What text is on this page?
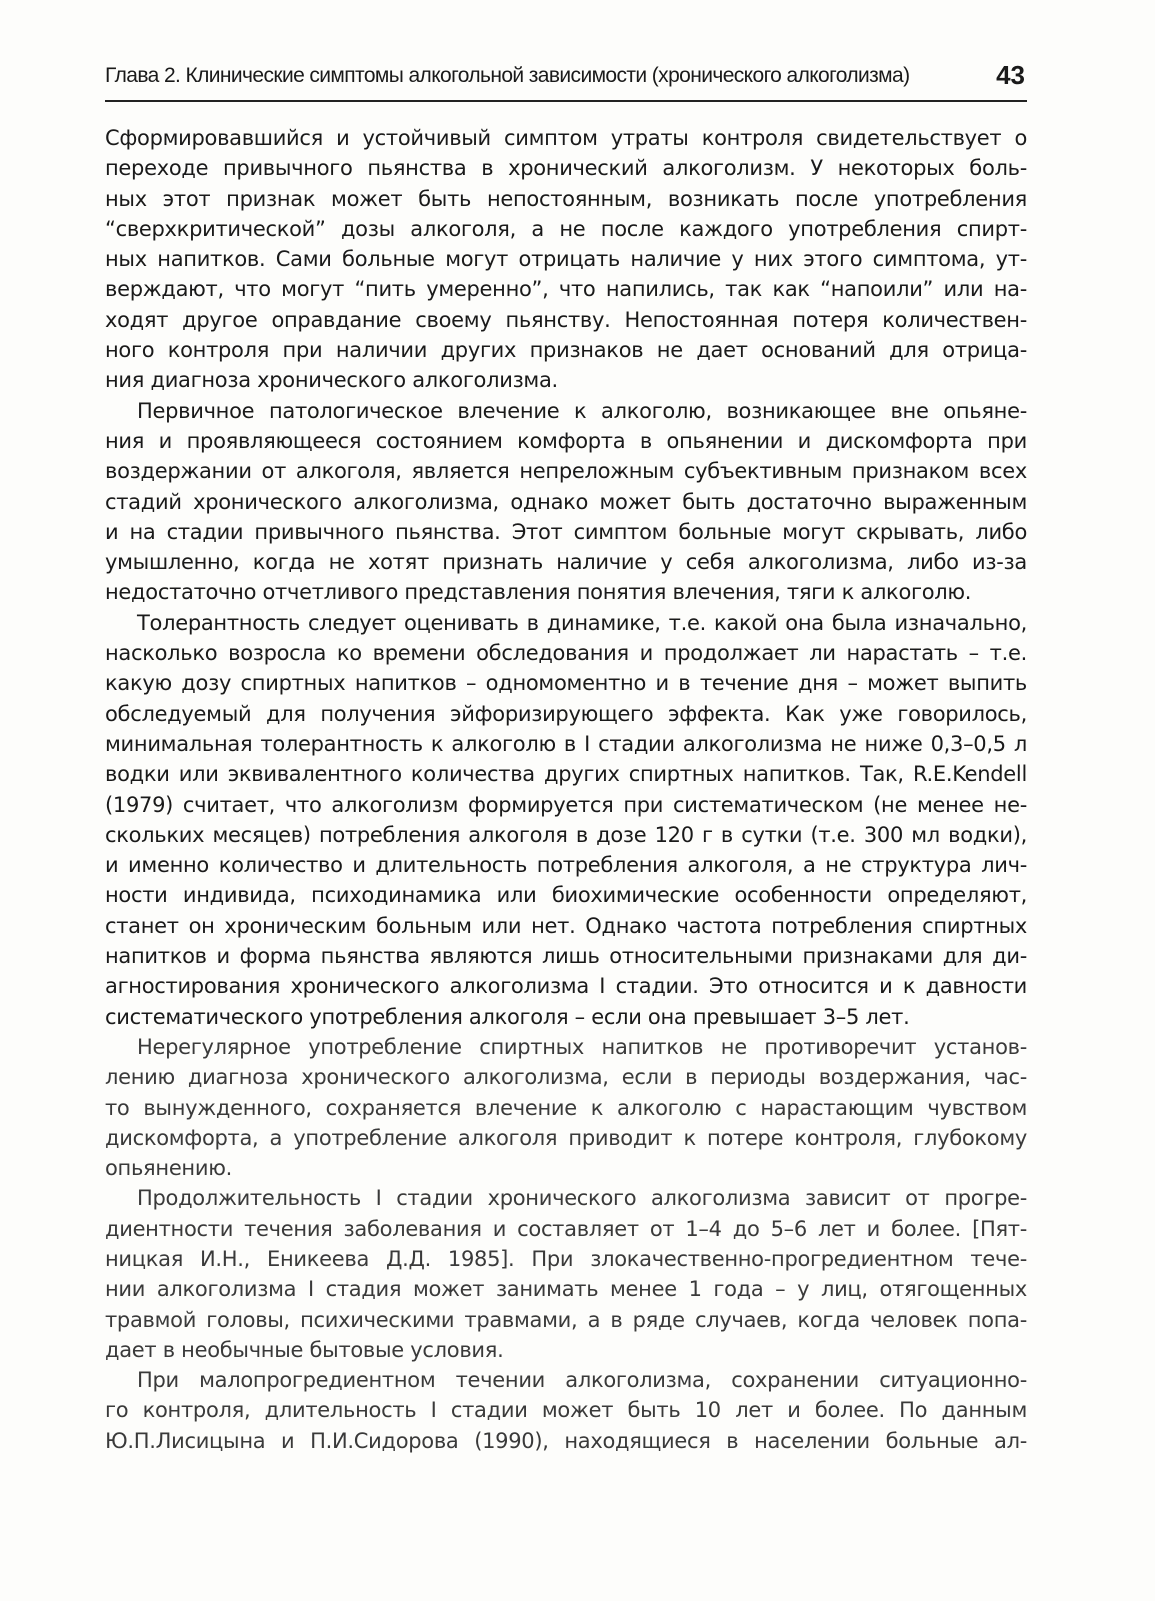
Глава 2. Клинические симптомы алкогольной зависимости (хронического алкоголизма)	43
Сформировавшийся и устойчивый симптом утраты контроля свидетельствует о
переходе привычного пьянства в хронический алкоголизм. У некоторых боль-
ных этот признак может быть непостоянным, возникать после употребления
“сверхкритической” дозы алкоголя, а не после каждого употребления спирт-
ных напитков. Сами больные могут отрицать наличие у них этого симптома, ут-
верждают, что могут “пить умеренно”, что напились, так как “напоили” или на-
ходят другое оправдание своему пьянству. Непостоянная потеря количествен-
ного контроля при наличии других признаков не дает оснований для отрица-
ния диагноза хронического алкоголизма.
Первичное патологическое влечение к алкоголю, возникающее вне опьяне-
ния и проявляющееся состоянием комфорта в опьянении и дискомфорта при
воздержании от алкоголя, является непреложным субъективным признаком всех
стадий хронического алкоголизма, однако может быть достаточно выраженным
и на стадии привычного пьянства. Этот симптом больные могут скрывать, либо
умышленно, когда не хотят признать наличие у себя алкоголизма, либо из-за
недостаточно отчетливого представления понятия влечения, тяги к алкоголю.
Толерантность следует оценивать в динамике, т.е. какой она была изначально,
насколько возросла ко времени обследования и продолжает ли нарастать – т.е.
какую дозу спиртных напитков – одномоментно и в течение дня – может выпить
обследуемый для получения эйфоризирующего эффекта. Как уже говорилось,
минимальная толерантность к алкоголю в I стадии алкоголизма не ниже 0,3–0,5 л
водки или эквивалентного количества других спиртных напитков. Так, R.E.Kendell
(1979) считает, что алкоголизм формируется при систематическом (не менее не-
скольких месяцев) потребления алкоголя в дозе 120 г в сутки (т.е. 300 мл водки),
и именно количество и длительность потребления алкоголя, а не структура лич-
ности индивида, психодинамика или биохимические особенности определяют,
станет он хроническим больным или нет. Однако частота потребления спиртных
напитков и форма пьянства являются лишь относительными признаками для ди-
агностирования хронического алкоголизма I стадии. Это относится и к давности
систематического употребления алкоголя – если она превышает 3–5 лет.
Нерегулярное употребление спиртных напитков не противоречит установ-
лению диагноза хронического алкоголизма, если в периоды воздержания, час-
то вынужденного, сохраняется влечение к алкоголю с нарастающим чувством
дискомфорта, а употребление алкоголя приводит к потере контроля, глубокому
опьянению.
Продолжительность I стадии хронического алкоголизма зависит от прогре-
диентности течения заболевания и составляет от 1–4 до 5–6 лет и более. [Пят-
ницкая И.Н., Еникеева Д.Д. 1985]. При злокачественно-прогредиентном тече-
нии алкоголизма I стадия может занимать менее 1 года – у лиц, отягощенных
травмой головы, психическими травмами, а в ряде случаев, когда человек попа-
дает в необычные бытовые условия.
При малопрогредиентном течении алкоголизма, сохранении ситуационно-
го контроля, длительность I стадии может быть 10 лет и более. По данным
Ю.П.Лисицына и П.И.Сидорова (1990), находящиеся в населении больные ал-
